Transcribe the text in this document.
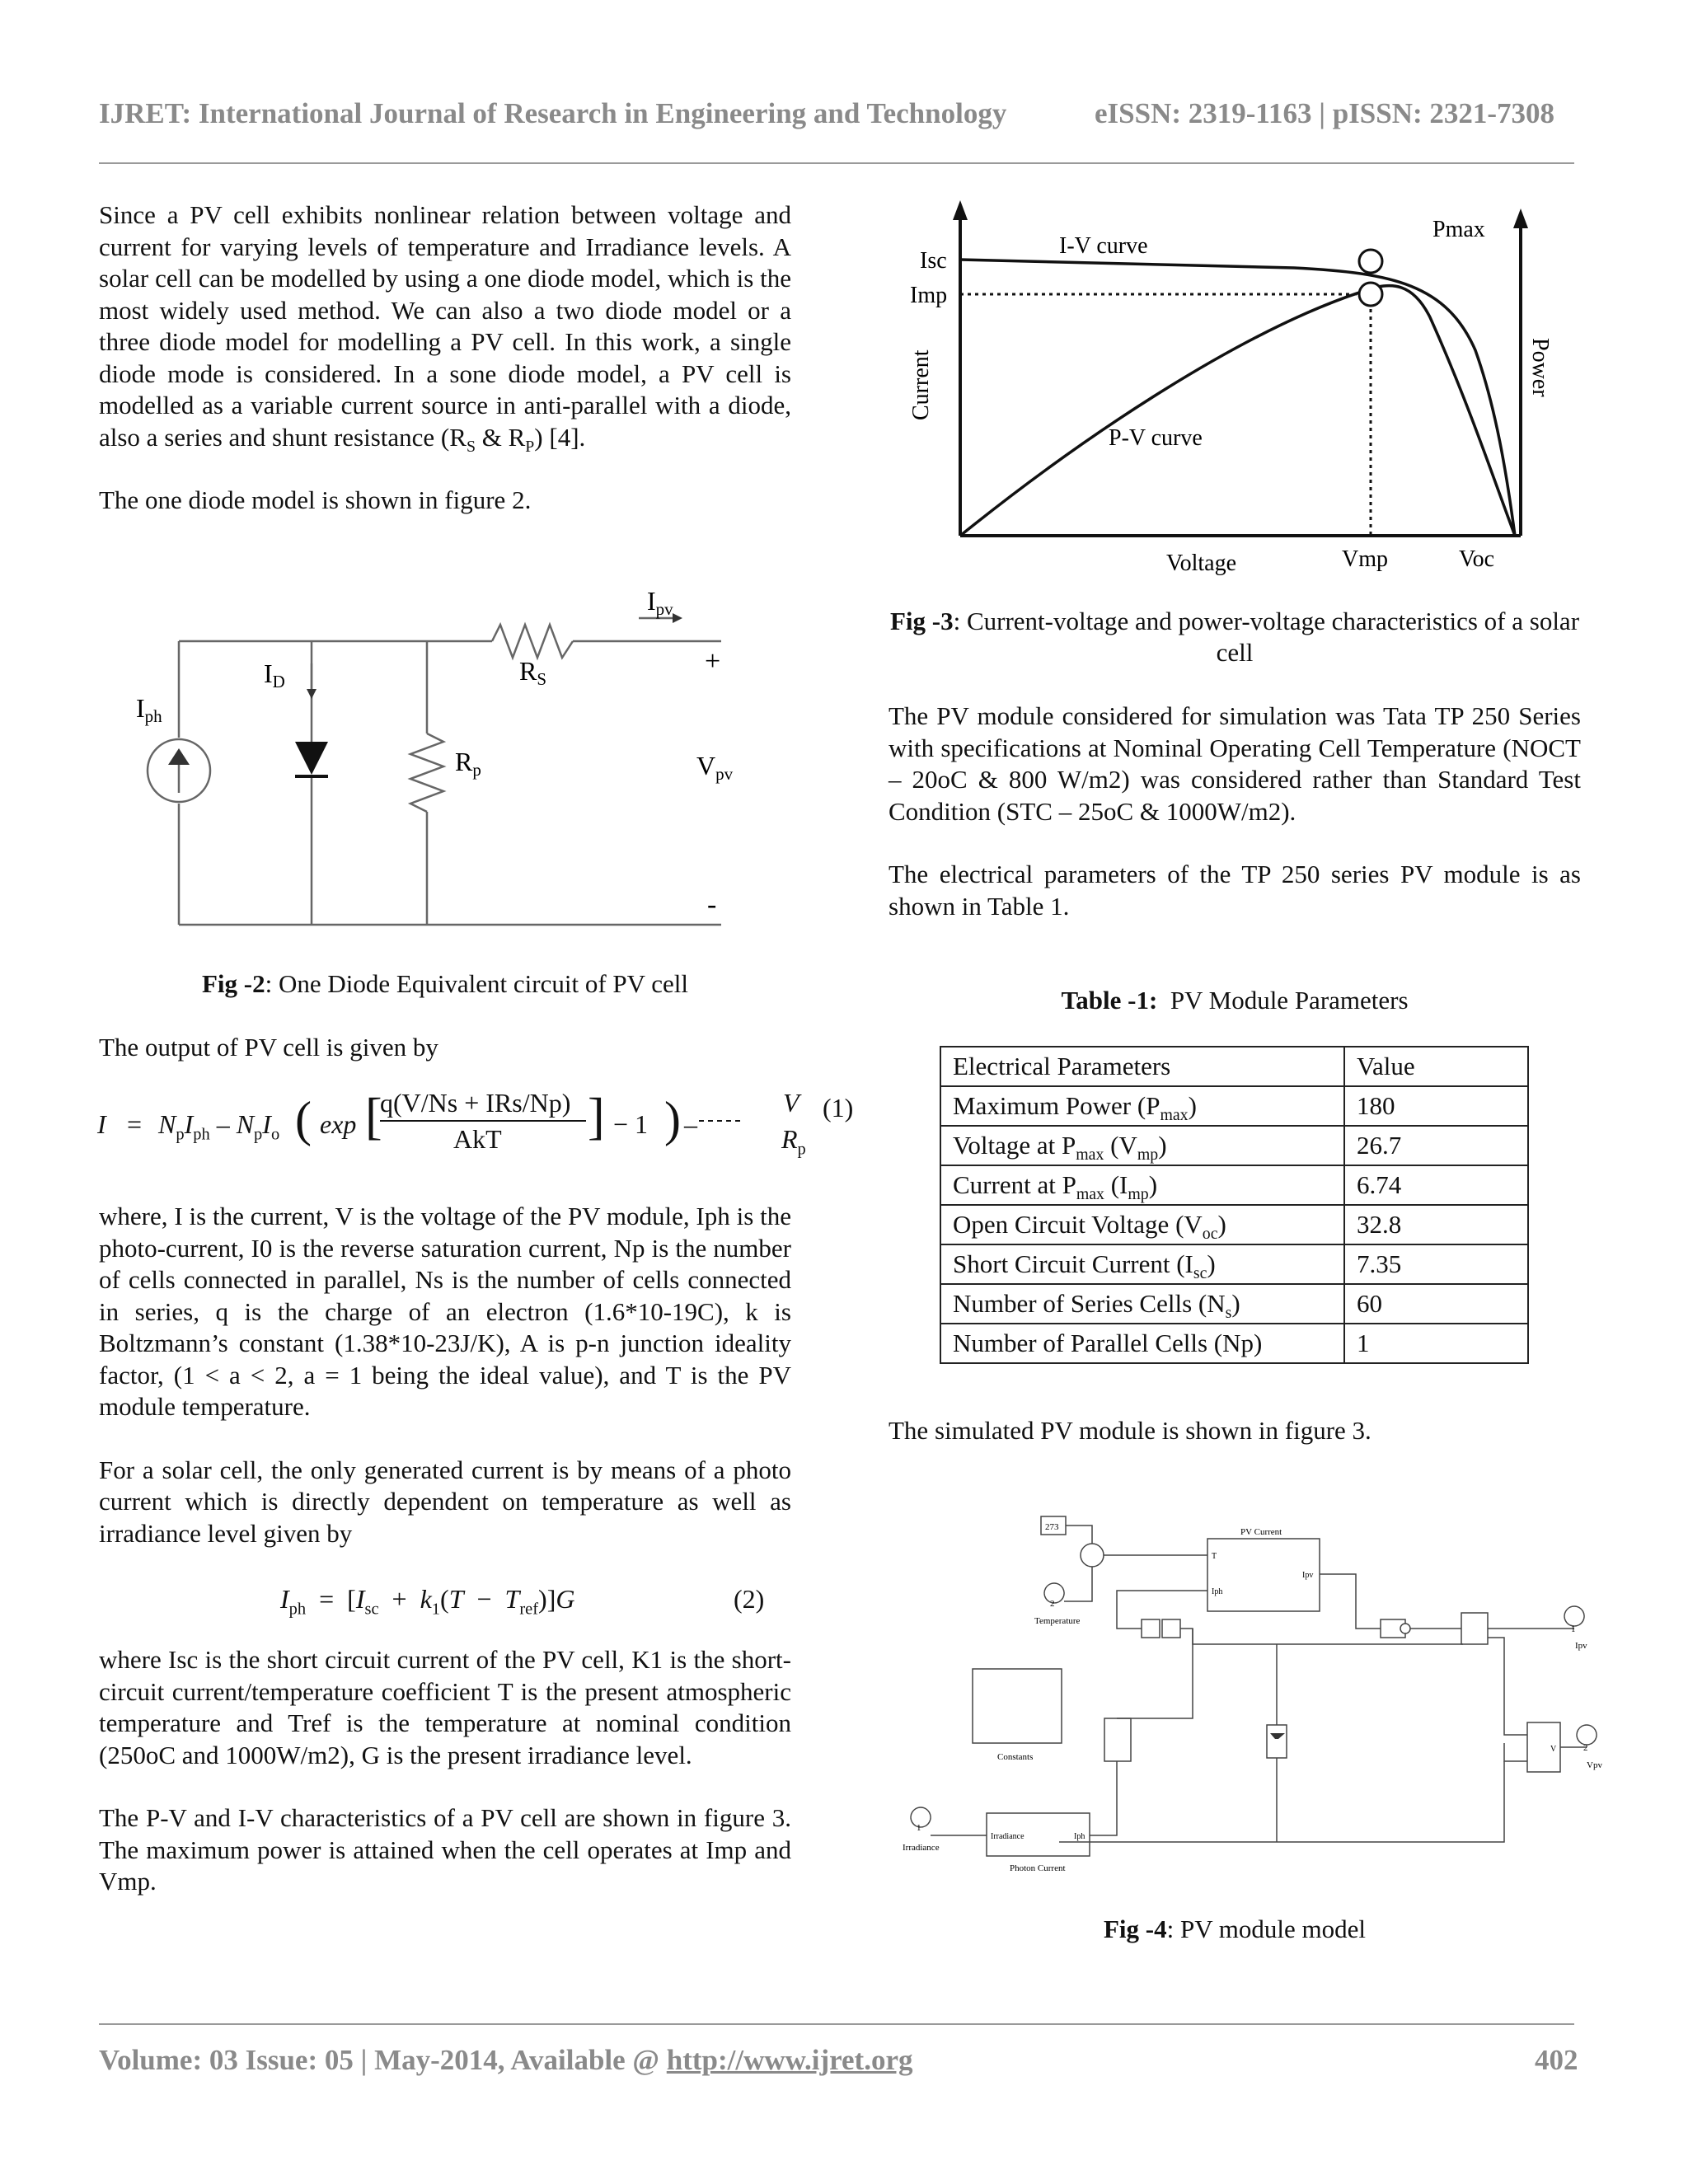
IJRET: International Journal of Research in Engineering and Technology	eISSN: 2319-1163 | pISSN: 2321-7308

Since a PV cell exhibits nonlinear relation between voltage and current for varying levels of temperature and Irradiance levels. A solar cell can be modelled by using a one diode model, which is the most widely used method. We can also a two diode model or a three diode model for modelling a PV cell. In this work, a single diode mode is considered. In a sone diode model, a PV cell is modelled as a variable current source in anti-parallel with a diode, also a series and shunt resistance ($R_S$ & $R_P$) [4].

The one diode model is shown in figure 2.

Ipv
ID
Iph
RS
Rp	Vpv
+
-
Fig -2: One Diode Equivalent circuit of PV cell
The output of PV cell is given by
$I = N_pI_{ph} - N_pI_o$ ( exp [
q(V/Ns + IRs/Np)
AkT ] − 1 ) –
V
$R_p$
(1)

where, I is the current, V is the voltage of the PV module, Iph is the photo-current, I0 is the reverse saturation current, Np is the number of cells connected in parallel, Ns is the number of cells connected in series, q is the charge of an electron (1.6*10-19C), k is Boltzmann’s constant (1.38*10-23J/K), A is p-n junction ideality factor, (1 < a < 2, a = 1 being the ideal value), and T is the PV module temperature.

For a solar cell, the only generated current is by means of a photo current which is directly dependent on temperature as well as irradiance level given by

$I_{ph} = [I_{sc} + k_1(T - T_{ref})]G$	(2)

where Isc is the short circuit current of the PV cell, K1 is the short-circuit current/temperature coefficient T is the present atmospheric temperature and Tref is the temperature at nominal condition (250oC and 1000W/m2), G is the present irradiance level.

The P-V and I-V characteristics of a PV cell are shown in figure 3. The maximum power is attained when the cell operates at Imp and Vmp.

Isc
Imp
I-V curve
P-V curve
Pmax
Current	Power
Voltage	Vmp	Voc
Fig -3: Current-voltage and power-voltage characteristics of a solar cell

The PV module considered for simulation was Tata TP 250 Series with specifications at Nominal Operating Cell Temperature (NOCT – 20oC & 800 W/m2) was considered rather than Standard Test Condition (STC – 25oC & 1000W/m2).

The electrical parameters of the TP 250 series PV module is as shown in Table 1.

Table -1: PV Module Parameters
Electrical Parameters	Value
Maximum Power $(P_{max})$	180
Voltage at $P_{max}$ $(V_{mp})$	26.7
Current at $P_{max}$ $(I_{mp})$	6.74
Open Circuit Voltage $(V_{oc})$	32.8
Short Circuit Current $(I_{sc})$	7.35
Number of Series Cells $(N_s)$	60
Number of Parallel Cells (Np)	1
The simulated PV module is shown in figure 3.
273
2
Temperature
PV Current
T
Iph
Ipv
Constants
1
Irradiance
Irradiance	Iph
Photon Current
1
Ipv
2
Vpv
V
Fig -4: PV module model
Volume: 03 Issue: 05 | May-2014, Available @ http://www.ijret.org	402
